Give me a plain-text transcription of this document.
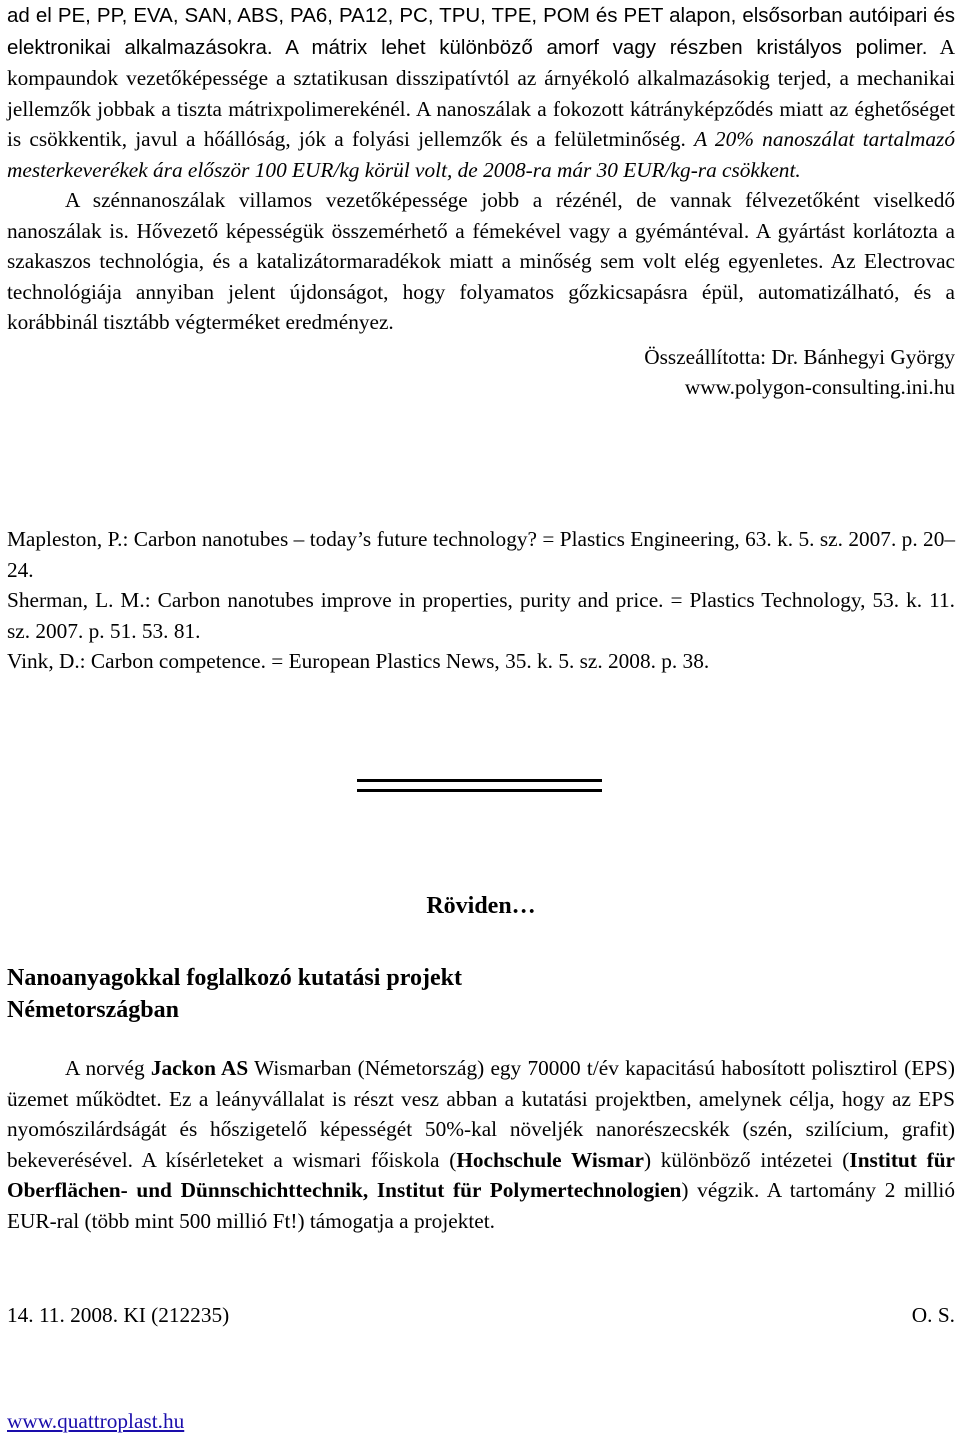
ad el PE, PP, EVA, SAN, ABS, PA6, PA12, PC, TPU, TPE, POM és PET alapon, elsősorban autóipari és elektronikai alkalmazásokra. A mátrix lehet különböző amorf vagy részben kristályos polimer. A kompaundok vezetőképessége a sztatikusan disszipatívtól az árnyékoló alkalmazásokig terjed, a mechanikai jellemzők jobbak a tiszta mátrixpolimerekénél. A nanoszálak a fokozott kátrányképződés miatt az éghetőséget is csökkentik, javul a hőállóság, jók a folyási jellemzők és a felületminőség. A 20% nanoszálat tartalmazó mesterkeverékek ára először 100 EUR/kg körül volt, de 2008-ra már 30 EUR/kg-ra csökkent.

A szénnanoszálak villamos vezetőképessége jobb a rézénél, de vannak félvezetőként viselkedő nanoszálak is. Hővezető képességük összemérhető a fémekével vagy a gyémántéval. A gyártást korlátozta a szakaszos technológia, és a katalizátormaradékok miatt a minőség sem volt elég egyenletes. Az Electrovac technológiája annyiban jelent újdonságot, hogy folyamatos gőzkicsapásra épül, automatizálható, és a korábbinál tisztább végterméket eredményez.

Összeállította: Dr. Bánhegyi György

www.polygon-consulting.ini.hu

Mapleston, P.: Carbon nanotubes – today’s future technology? = Plastics Engineering, 63. k. 5. sz. 2007. p. 20–24.

Sherman, L. M.: Carbon nanotubes improve in properties, purity and price. = Plastics Technology, 53. k. 11. sz. 2007. p. 51. 53. 81.

Vink, D.: Carbon competence. = European Plastics News, 35. k. 5. sz. 2008. p. 38.

Röviden…
Nanoanyagokkal foglalkozó kutatási projekt
Németországban

A norvég Jackon AS Wismarban (Németország) egy 70000 t/év kapacitású habosított polisztirol (EPS) üzemet működtet. Ez a leányvállalat is részt vesz abban a kutatási projektben, amelynek célja, hogy az EPS nyomószilárdságát és hőszigetelő képességét 50%-kal növeljék nanorészecskék (szén, szilícium, grafit) bekeverésével. A kísérleteket a wismari főiskola (Hochschule Wismar) különböző intézetei (Institut für Oberflächen- und Dünnschichttechnik, Institut für Polymertechnologien) végzik. A tartomány 2 millió EUR-ral (több mint 500 millió Ft!) támogatja a projektet.

14. 11. 2008. KI (212235)	O. S.
www.quattroplast.hu
